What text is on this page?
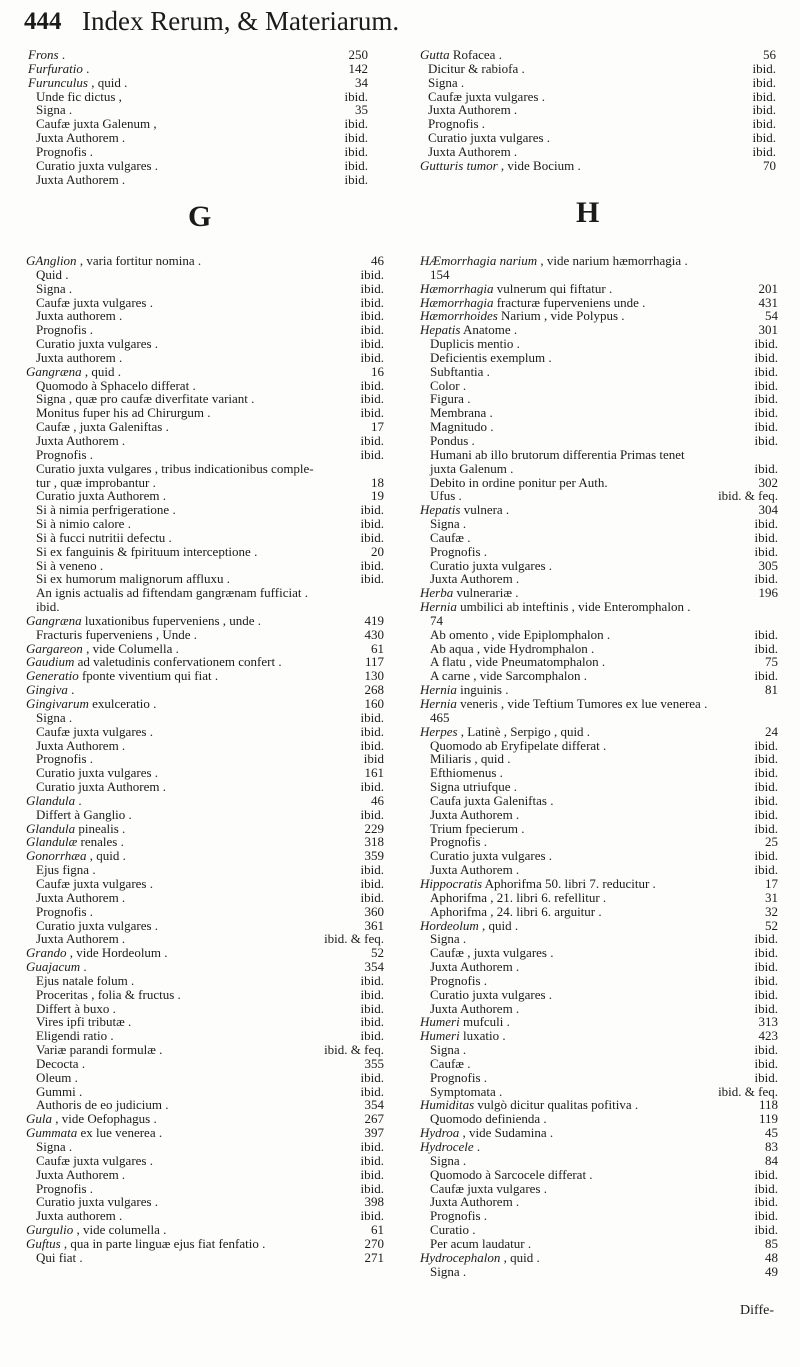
444 Index Rerum, & Materiarum.
Frons .	250
Furfuratio .	142
Furunculus , quid .	34
Unde fic dictus ,	ibid.
Signa .	35
Caufæ juxta Galenum ,	ibid.
Juxta Authorem .	ibid.
Prognofis .	ibid.
Curatio juxta vulgares .	ibid.
Juxta Authorem .	ibid.
Gutta Rofacea .	56
Dicitur & rabiofa .	ibid.
Signa .	ibid.
Caufæ juxta vulgares .	ibid.
Juxta Authorem .	ibid.
Prognofis .	ibid.
Curatio juxta vulgares .	ibid.
Juxta Authorem .	ibid.
Gutturis tumor , vide Bocium .	70
G	H
GAnglion , varia fortitur nomina .	46
Quid .	ibid.
Signa .	ibid.
Caufæ juxta vulgares .	ibid.
Juxta authorem .	ibid.
Prognofis .	ibid.
Curatio juxta vulgares .	ibid.
Juxta authorem .	ibid.
Gangræna , quid .	16
Quomodo à Sphacelo differat .	ibid.
Signa , quæ pro caufæ diverfitate variant .	ibid.
Monitus fuper his ad Chirurgum .	ibid.
Caufæ , juxta Galeniftas .	17
Juxta Authorem .	ibid.
Prognofis .	ibid.
Curatio juxta vulgares , tribus indicationibus comple-
tur , quæ improbantur .	18
Curatio juxta Authorem .	19
Si à nimia perfrigeratione .	ibid.
Si à nimio calore .	ibid.
Si à fucci nutritii defectu .	ibid.
Si ex fanguinis & fpirituum interceptione .	20
Si à veneno .	ibid.
Si ex humorum malignorum affluxu .	ibid.
An ignis actualis ad fiftendam gangrænam fufficiat .
ibid.
Gangræna luxationibus fuperveniens , unde .	419
Fracturis fuperveniens , Unde .	430
Gargareon , vide Columella .	61
Gaudium ad valetudinis confervationem confert .	117
Generatio fponte viventium qui fiat .	130
Gingiva .	268
Gingivarum exulceratio .	160
Signa .	ibid.
Caufæ juxta vulgares .	ibid.
Juxta Authorem .	ibid.
Prognofis .	ibid
Curatio juxta vulgares .	161
Curatio juxta Authorem .	ibid.
Glandula .	46
Differt à Ganglio .	ibid.
Glandula pinealis .	229
Glandulæ renales .	318
Gonorrhæa , quid .	359
Ejus figna .	ibid.
Caufæ juxta vulgares .	ibid.
Juxta Authorem .	ibid.
Prognofis .	360
Curatio juxta vulgares .	361
Juxta Authorem .	ibid. & feq.
Grando , vide Hordeolum .	52
Guajacum .	354
Ejus natale folum .	ibid.
Proceritas , folia & fructus .	ibid.
Differt à buxo .	ibid.
Vires ipfi tributæ .	ibid.
Eligendi ratio .	ibid.
Variæ parandi formulæ .	ibid. & feq.
Decocta .	355
Oleum .	ibid.
Gummi .	ibid.
Authoris de eo judicium .	354
Gula , vide Oefophagus .	267
Gummata ex lue venerea .	397
Signa .	ibid.
Caufæ juxta vulgares .	ibid.
Juxta Authorem .	ibid.
Prognofis .	ibid.
Curatio juxta vulgares .	398
Juxta authorem .	ibid.
Gurgulio , vide columella .	61
Guftus , qua in parte linguæ ejus fiat fenfatio .	270
Qui fiat .	271
HÆmorrhagia narium , vide narium hæmorrhagia .
154
Hæmorrhagia vulnerum qui fiftatur .	201
Hæmorrhagia fracturæ fuperveniens unde .	431
Hæmorrhoides Narium , vide Polypus .	54
Hepatis Anatome .	301
Duplicis mentio .	ibid.
Deficientis exemplum .	ibid.
Subftantia .	ibid.
Color .	ibid.
Figura .	ibid.
Membrana .	ibid.
Magnitudo .	ibid.
Pondus .	ibid.
Humani ab illo brutorum differentia Primas tenet
juxta Galenum .	ibid.
Debito in ordine ponitur per Auth.	302
Ufus .	ibid. & feq.
Hepatis vulnera .	304
Signa .	ibid.
Caufæ .	ibid.
Prognofis .	ibid.
Curatio juxta vulgares .	305
Juxta Authorem .	ibid.
Herba vulnerariæ .	196
Hernia umbilici ab inteftinis , vide Enteromphalon .
74
Ab omento , vide Epiplomphalon .	ibid.
Ab aqua , vide Hydromphalon .	ibid.
A flatu , vide Pneumatomphalon .	75
A carne , vide Sarcomphalon .	ibid.
Hernia inguinis .	81
Hernia veneris , vide Teftium Tumores ex lue venerea .
465
Herpes , Latinè , Serpigo , quid .	24
Quomodo ab Eryfipelate differat .	ibid.
Miliaris , quid .	ibid.
Efthiomenus .	ibid.
Signa utriufque .	ibid.
Caufa juxta Galeniftas .	ibid.
Juxta Authorem .	ibid.
Trium fpecierum .	ibid.
Prognofis .	25
Curatio juxta vulgares .	ibid.
Juxta Authorem .	ibid.
Hippocratis Aphorifma 50. libri 7. reducitur .	17
Aphorifma , 21. libri 6. refellitur .	31
Aphorifma , 24. libri 6. arguitur .	32
Hordeolum , quid .	52
Signa .	ibid.
Caufæ , juxta vulgares .	ibid.
Juxta Authorem .	ibid.
Prognofis .	ibid.
Curatio juxta vulgares .	ibid.
Juxta Authorem .	ibid.
Humeri mufculi .	313
Humeri luxatio .	423
Signa .	ibid.
Caufæ .	ibid.
Prognofis .	ibid.
Symptomata .	ibid. & feq.
Humiditas vulgò dicitur qualitas pofitiva .	118
Quomodo definienda .	119
Hydroa , vide Sudamina .	45
Hydrocele .	83
Signa .	84
Quomodo à Sarcocele differat .	ibid.
Caufæ juxta vulgares .	ibid.
Juxta Authorem .	ibid.
Prognofis .	ibid.
Curatio .	ibid.
Per acum laudatur .	85
Hydrocephalon , quid .	48
Signa .	49
Diffe-
